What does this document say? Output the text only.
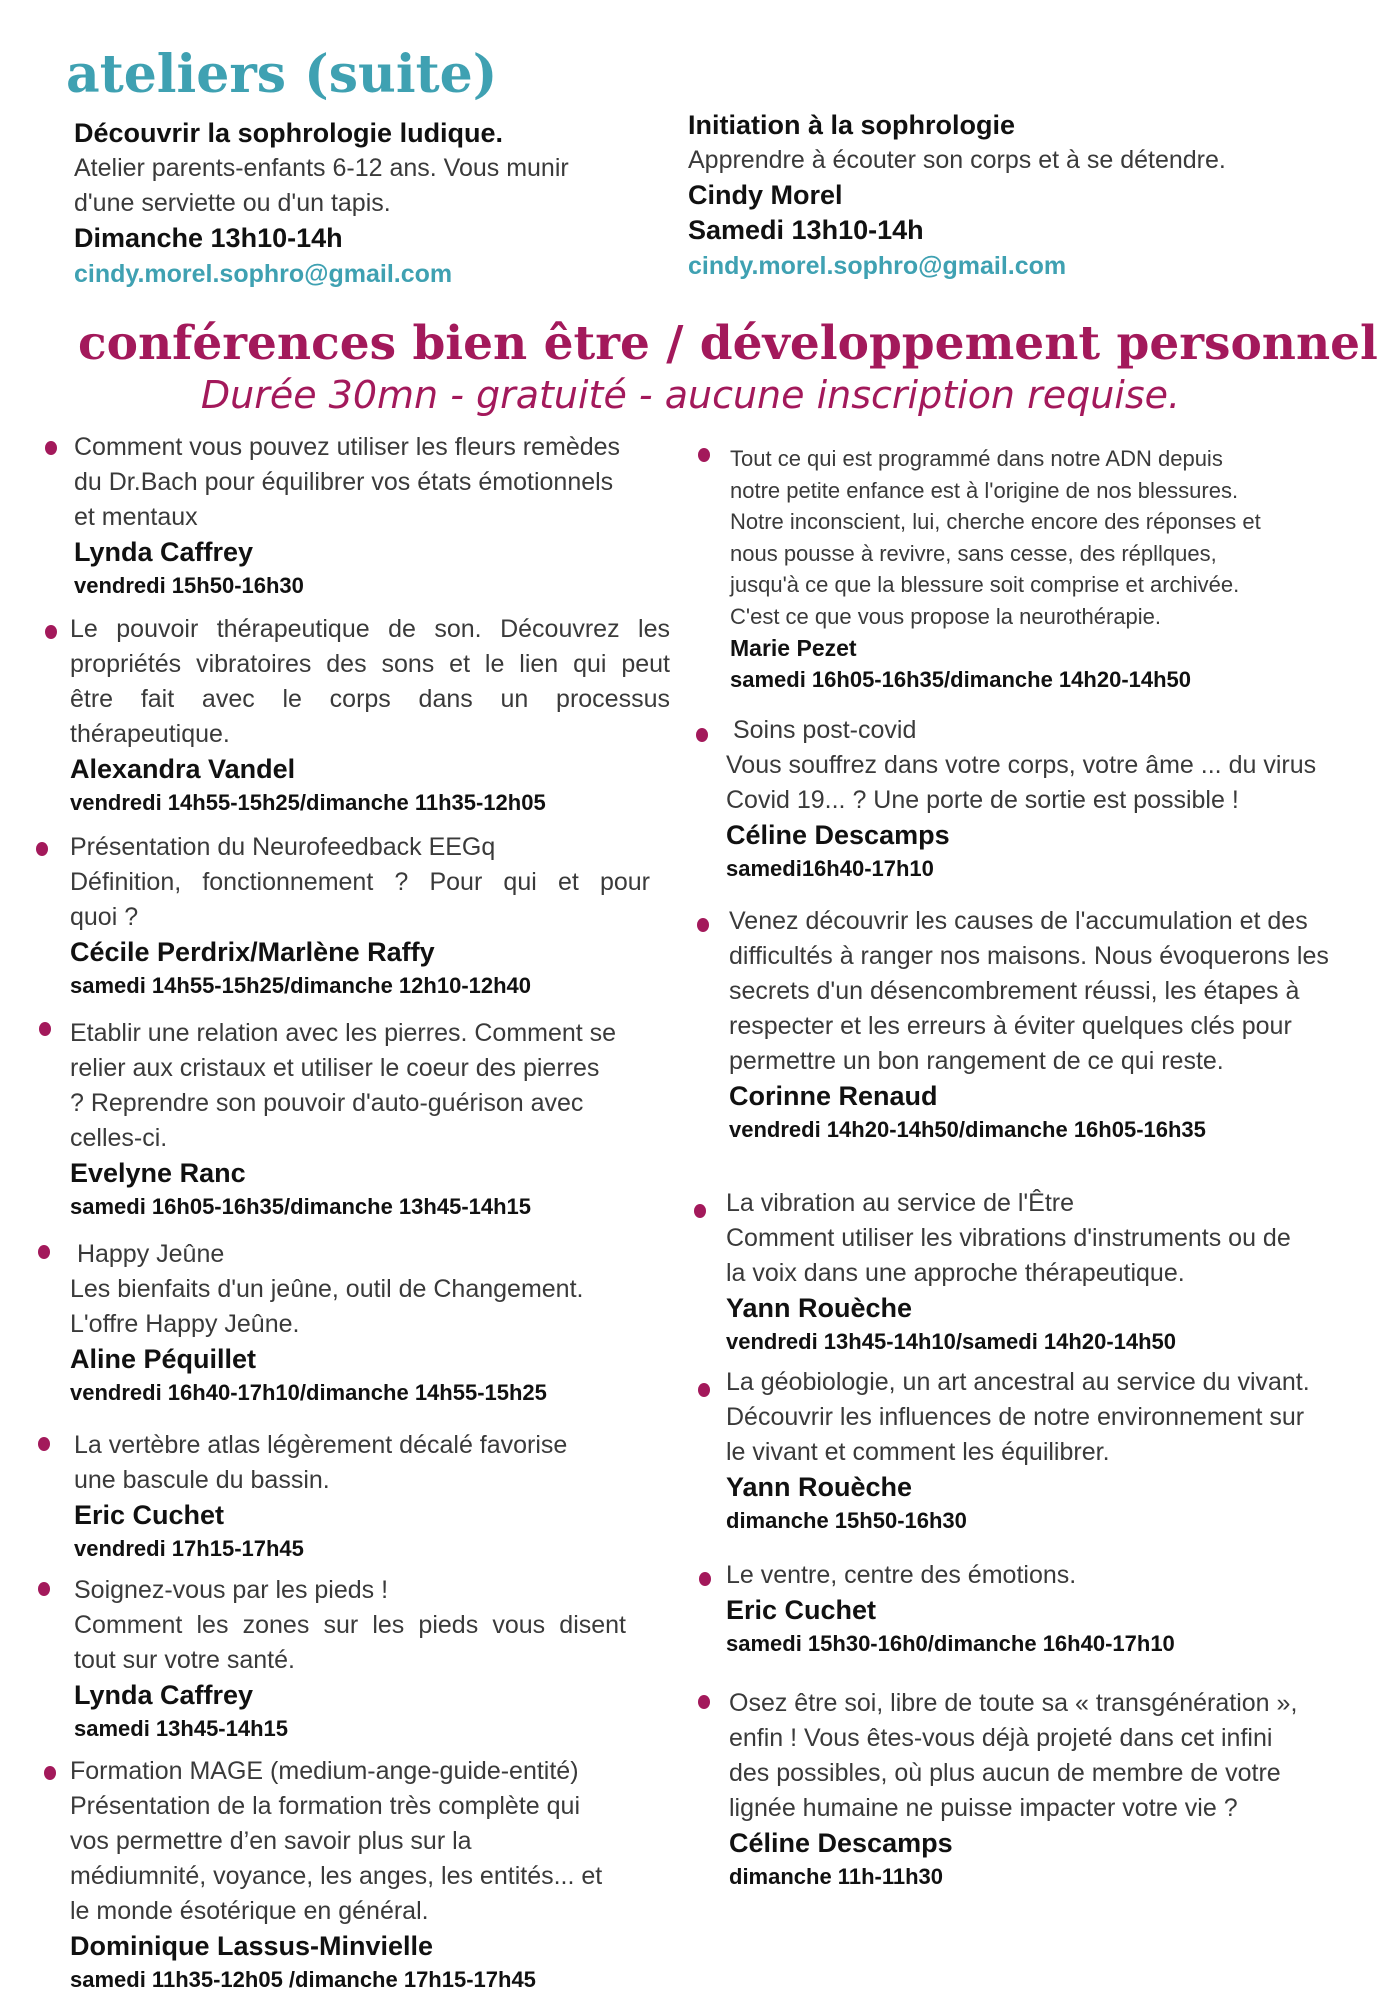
ateliers (suite)
Découvrir la sophrologie ludique.
Atelier parents-enfants 6-12 ans. Vous munir
d'une serviette ou d'un tapis.
Dimanche 13h10-14h
cindy.morel.sophro@gmail.com
Initiation à la sophrologie
Apprendre à écouter son corps et à se détendre.
Cindy Morel
Samedi 13h10-14h
cindy.morel.sophro@gmail.com
conférences bien être / développement personnel
Durée 30mn - gratuité - aucune inscription requise.
Comment vous pouvez utiliser les fleurs remèdes
du Dr.Bach pour équilibrer vos états émotionnels
et mentaux
Lynda Caffrey
vendredi 15h50-16h30
Le pouvoir thérapeutique de son. Découvrez les
propriétés vibratoires des sons et le lien qui peut
être fait avec le corps dans un processus
thérapeutique.
Alexandra Vandel
vendredi 14h55-15h25/dimanche 11h35-12h05
Présentation du Neurofeedback EEGq
Définition, fonctionnement ? Pour qui et pour
quoi ?
Cécile Perdrix/Marlène Raffy
samedi 14h55-15h25/dimanche 12h10-12h40
Etablir une relation avec les pierres. Comment se
relier aux cristaux et utiliser le coeur des pierres
? Reprendre son pouvoir d'auto-guérison avec
celles-ci.
Evelyne Ranc
samedi 16h05-16h35/dimanche 13h45-14h15
Happy Jeûne
Les bienfaits d'un jeûne, outil de Changement.
L'offre Happy Jeûne.
Aline Péquillet
vendredi 16h40-17h10/dimanche 14h55-15h25
La vertèbre atlas légèrement décalé favorise
une bascule du bassin.
Eric Cuchet
vendredi 17h15-17h45
Soignez-vous par les pieds !
Comment les zones sur les pieds vous disent
tout sur votre santé.
Lynda Caffrey
samedi 13h45-14h15
Formation MAGE (medium-ange-guide-entité)
Présentation de la formation très complète qui
vos permettre d’en savoir plus sur la
médiumnité, voyance, les anges, les entités... et
le monde ésotérique en général.
Dominique Lassus-Minvielle
samedi 11h35-12h05 /dimanche 17h15-17h45
Tout ce qui est programmé dans notre ADN depuis
notre petite enfance est à l'origine de nos blessures.
Notre inconscient, lui, cherche encore des réponses et
nous pousse à revivre, sans cesse, des répllques,
jusqu'à ce que la blessure soit comprise et archivée.
C'est ce que vous propose la neurothérapie.
Marie Pezet
samedi 16h05-16h35/dimanche 14h20-14h50
Soins post-covid
Vous souffrez dans votre corps, votre âme ... du virus
Covid 19... ? Une porte de sortie est possible !
Céline Descamps
samedi16h40-17h10
Venez découvrir les causes de l'accumulation et des
difficultés à ranger nos maisons. Nous évoquerons les
secrets d'un désencombrement réussi, les étapes à
respecter et les erreurs à éviter quelques clés pour
permettre un bon rangement de ce qui reste.
Corinne Renaud
vendredi 14h20-14h50/dimanche 16h05-16h35
La vibration au service de l'Être
Comment utiliser les vibrations d'instruments ou de
la voix dans une approche thérapeutique.
Yann Rouèche
vendredi 13h45-14h10/samedi 14h20-14h50
La géobiologie, un art ancestral au service du vivant.
Découvrir les influences de notre environnement sur
le vivant et comment les équilibrer.
Yann Rouèche
dimanche 15h50-16h30
Le ventre, centre des émotions.
Eric Cuchet
samedi 15h30-16h0/dimanche 16h40-17h10
Osez être soi, libre de toute sa « transgénération »,
enfin ! Vous êtes-vous déjà projeté dans cet infini
des possibles, où plus aucun de membre de votre
lignée humaine ne puisse impacter votre vie ?
Céline Descamps
dimanche 11h-11h30
